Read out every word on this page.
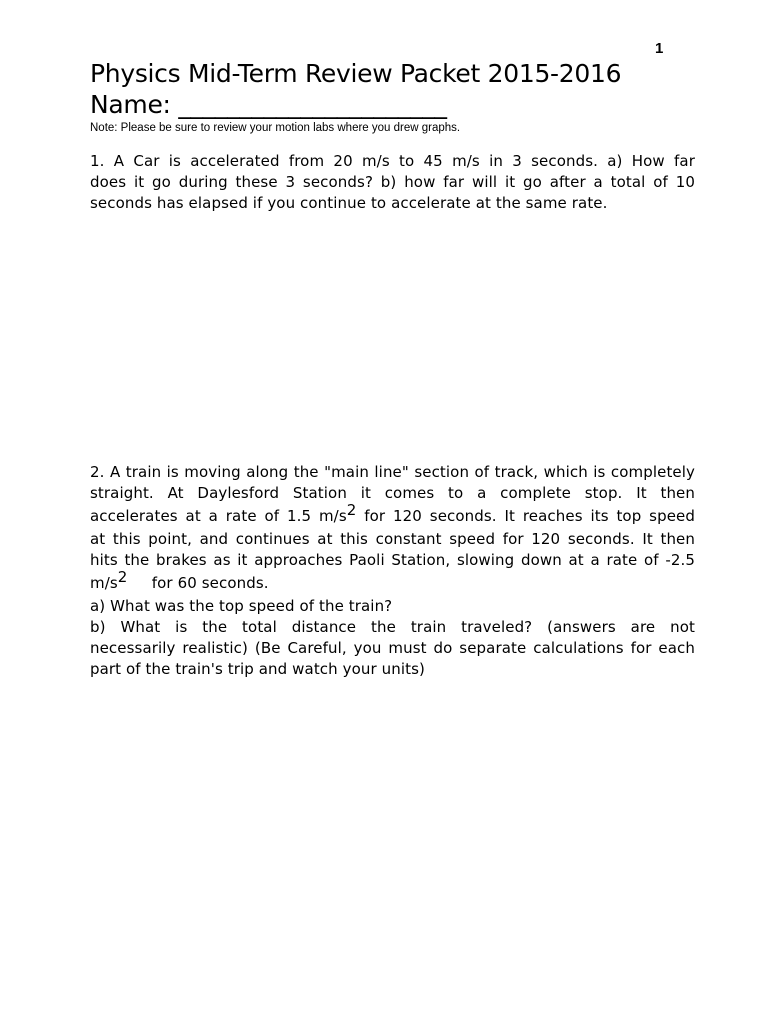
1
Physics Mid-Term Review Packet 2015-2016
Name: ______________________
Note: Please be sure to review your motion labs where you drew graphs.
1. A Car is accelerated from 20 m/s to 45 m/s in 3 seconds. a) How far
does it go during these 3 seconds? b) how far will it go after a total of 10
seconds has elapsed if you continue to accelerate at the same rate.
2. A train is moving along the "main line" section of track, which is completely
straight. At Daylesford Station it comes to a complete stop. It then
accelerates at a rate of 1.5 m/s2 for 120 seconds. It reaches its top speed
at this point, and continues at this constant speed for 120 seconds. It then
hits the brakes as it approaches Paoli Station, slowing down at a rate of -2.5
m/s2     for 60 seconds.
a) What was the top speed of the train?
b) What is the total distance the train traveled? (answers are not
necessarily realistic) (Be Careful, you must do separate calculations for each
part of the train's trip and watch your units)
